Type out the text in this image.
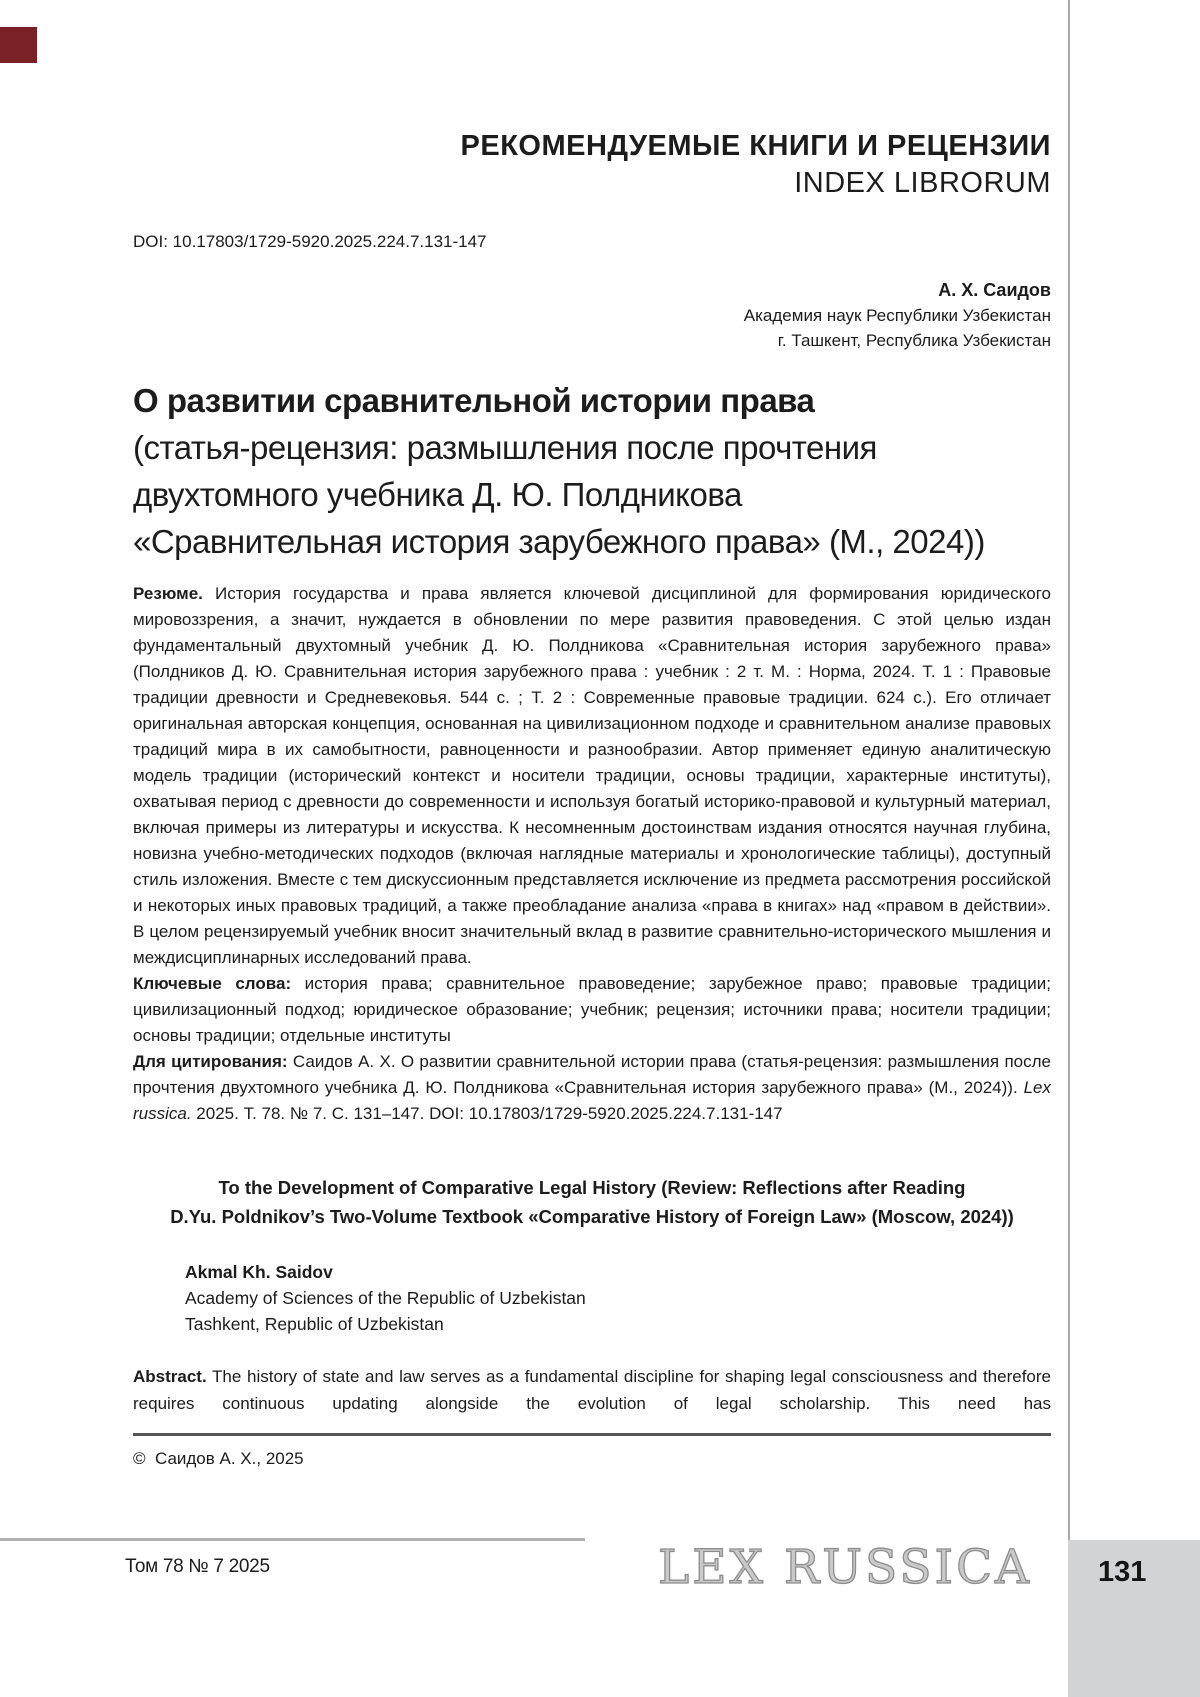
РЕКОМЕНДУЕМЫЕ КНИГИ И РЕЦЕНЗИИ
INDEX LIBRORUM
DOI: 10.17803/1729-5920.2025.224.7.131-147
А. Х. Саидов
Академия наук Республики Узбекистан
г. Ташкент, Республика Узбекистан
О развитии сравнительной истории права
(статья-рецензия: размышления после прочтения
двухтомного учебника Д. Ю. Полдникова
«Сравнительная история зарубежного права» (М., 2024))

Резюме. История государства и права является ключевой дисциплиной для формирования юридического мировоззрения, а значит, нуждается в обновлении по мере развития правоведения. С этой целью издан фундаментальный двухтомный учебник Д. Ю. Полдникова «Сравнительная история зарубежного права» (Полдников Д. Ю. Сравнительная история зарубежного права : учебник : 2 т. М. : Норма, 2024. Т. 1 : Правовые традиции древности и Средневековья. 544 с. ; Т. 2 : Современные правовые традиции. 624 с.). Его отличает оригинальная авторская концепция, основанная на цивилизационном подходе и сравнительном анализе правовых традиций мира в их самобытности, равноценности и разнообразии. Автор применяет единую аналитическую модель традиции (исторический контекст и носители традиции, основы традиции, характерные институты), охватывая период с древности до современности и используя богатый историко-правовой и культурный материал, включая примеры из литературы и искусства. К несомненным достоинствам издания относятся научная глубина, новизна учебно-методических подходов (включая наглядные материалы и хронологические таблицы), доступный стиль изложения. Вместе с тем дискуссионным представляется исключение из предмета рассмотрения российской и некоторых иных правовых традиций, а также преобладание анализа «права в книгах» над «правом в действии». В целом рецензируемый учебник вносит значительный вклад в развитие сравнительно-исторического мышления и междисциплинарных исследований права.

Ключевые слова: история права; сравнительное правоведение; зарубежное право; правовые традиции; цивилизационный подход; юридическое образование; учебник; рецензия; источники права; носители традиции; основы традиции; отдельные институты

Для цитирования: Саидов А. Х. О развитии сравнительной истории права (статья-рецензия: размышления после прочтения двухтомного учебника Д. Ю. Полдникова «Сравнительная история зарубежного права» (М., 2024)). Lex russica. 2025. Т. 78. № 7. С. 131–147. DOI: 10.17803/1729-5920.2025.224.7.131-147

To the Development of Comparative Legal History (Review: Reflections after Reading
D.Yu. Poldnikov’s Two-Volume Textbook «Comparative History of Foreign Law» (Moscow, 2024))
Akmal Kh. Saidov
Academy of Sciences of the Republic of Uzbekistan
Tashkent, Republic of Uzbekistan

Abstract. The history of state and law serves as a fundamental discipline for shaping legal consciousness and therefore requires continuous updating alongside the evolution of legal scholarship. This need has

©  Саидов А. Х., 2025
Том 78 № 7 2025	LEX RUSSICA 131
